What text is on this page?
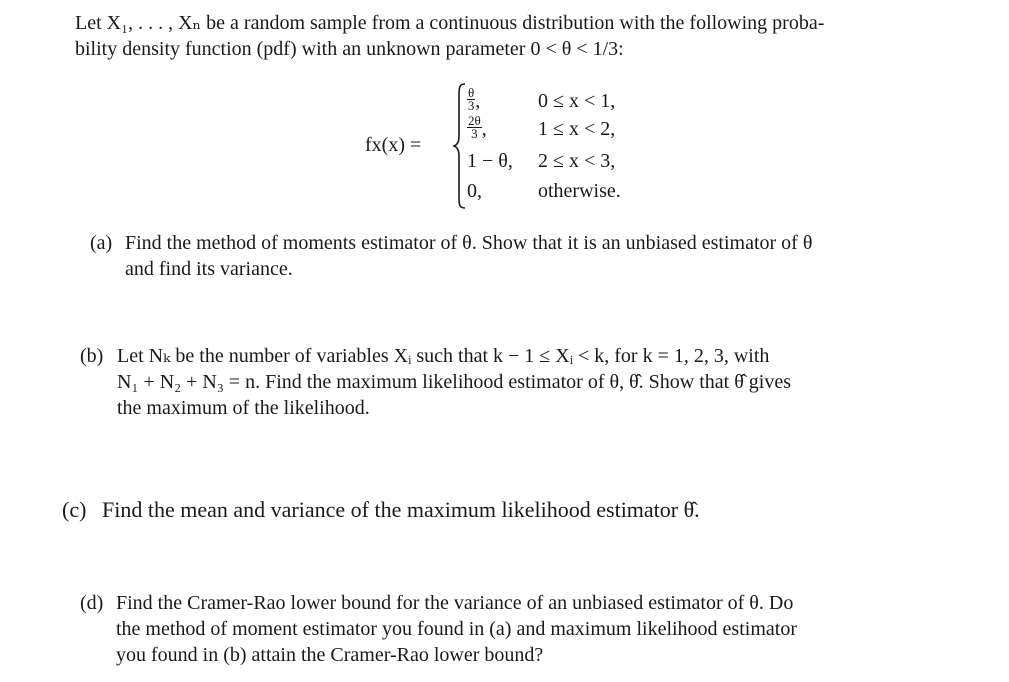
Let X₁, . . . , Xₙ be a random sample from a continuous distribution with the following proba-
bility density function (pdf) with an unknown parameter 0 < θ < 1/3:
fx(x) =
$\frac{\theta}{3}$ ,	0 ≤ x < 1,
$\frac{2\theta}{3}$ ,	1 ≤ x < 2,
1 − θ, 2 ≤ x < 3,
0,	otherwise.
(a) Find the method of moments estimator of θ. Show that it is an unbiased estimator of θ
and find its variance.
(b) Let Nₖ be the number of variables Xᵢ such that k − 1 ≤ Xᵢ < k, for k = 1, 2, 3, with
N₁ + N₂ + N₃ = n. Find the maximum likelihood estimator of θ, θ̂. Show that θ̂ gives
the maximum of the likelihood.
(c) Find the mean and variance of the maximum likelihood estimator θ̂.
(d) Find the Cramer-Rao lower bound for the variance of an unbiased estimator of θ. Do
the method of moment estimator you found in (a) and maximum likelihood estimator
you found in (b) attain the Cramer-Rao lower bound?
